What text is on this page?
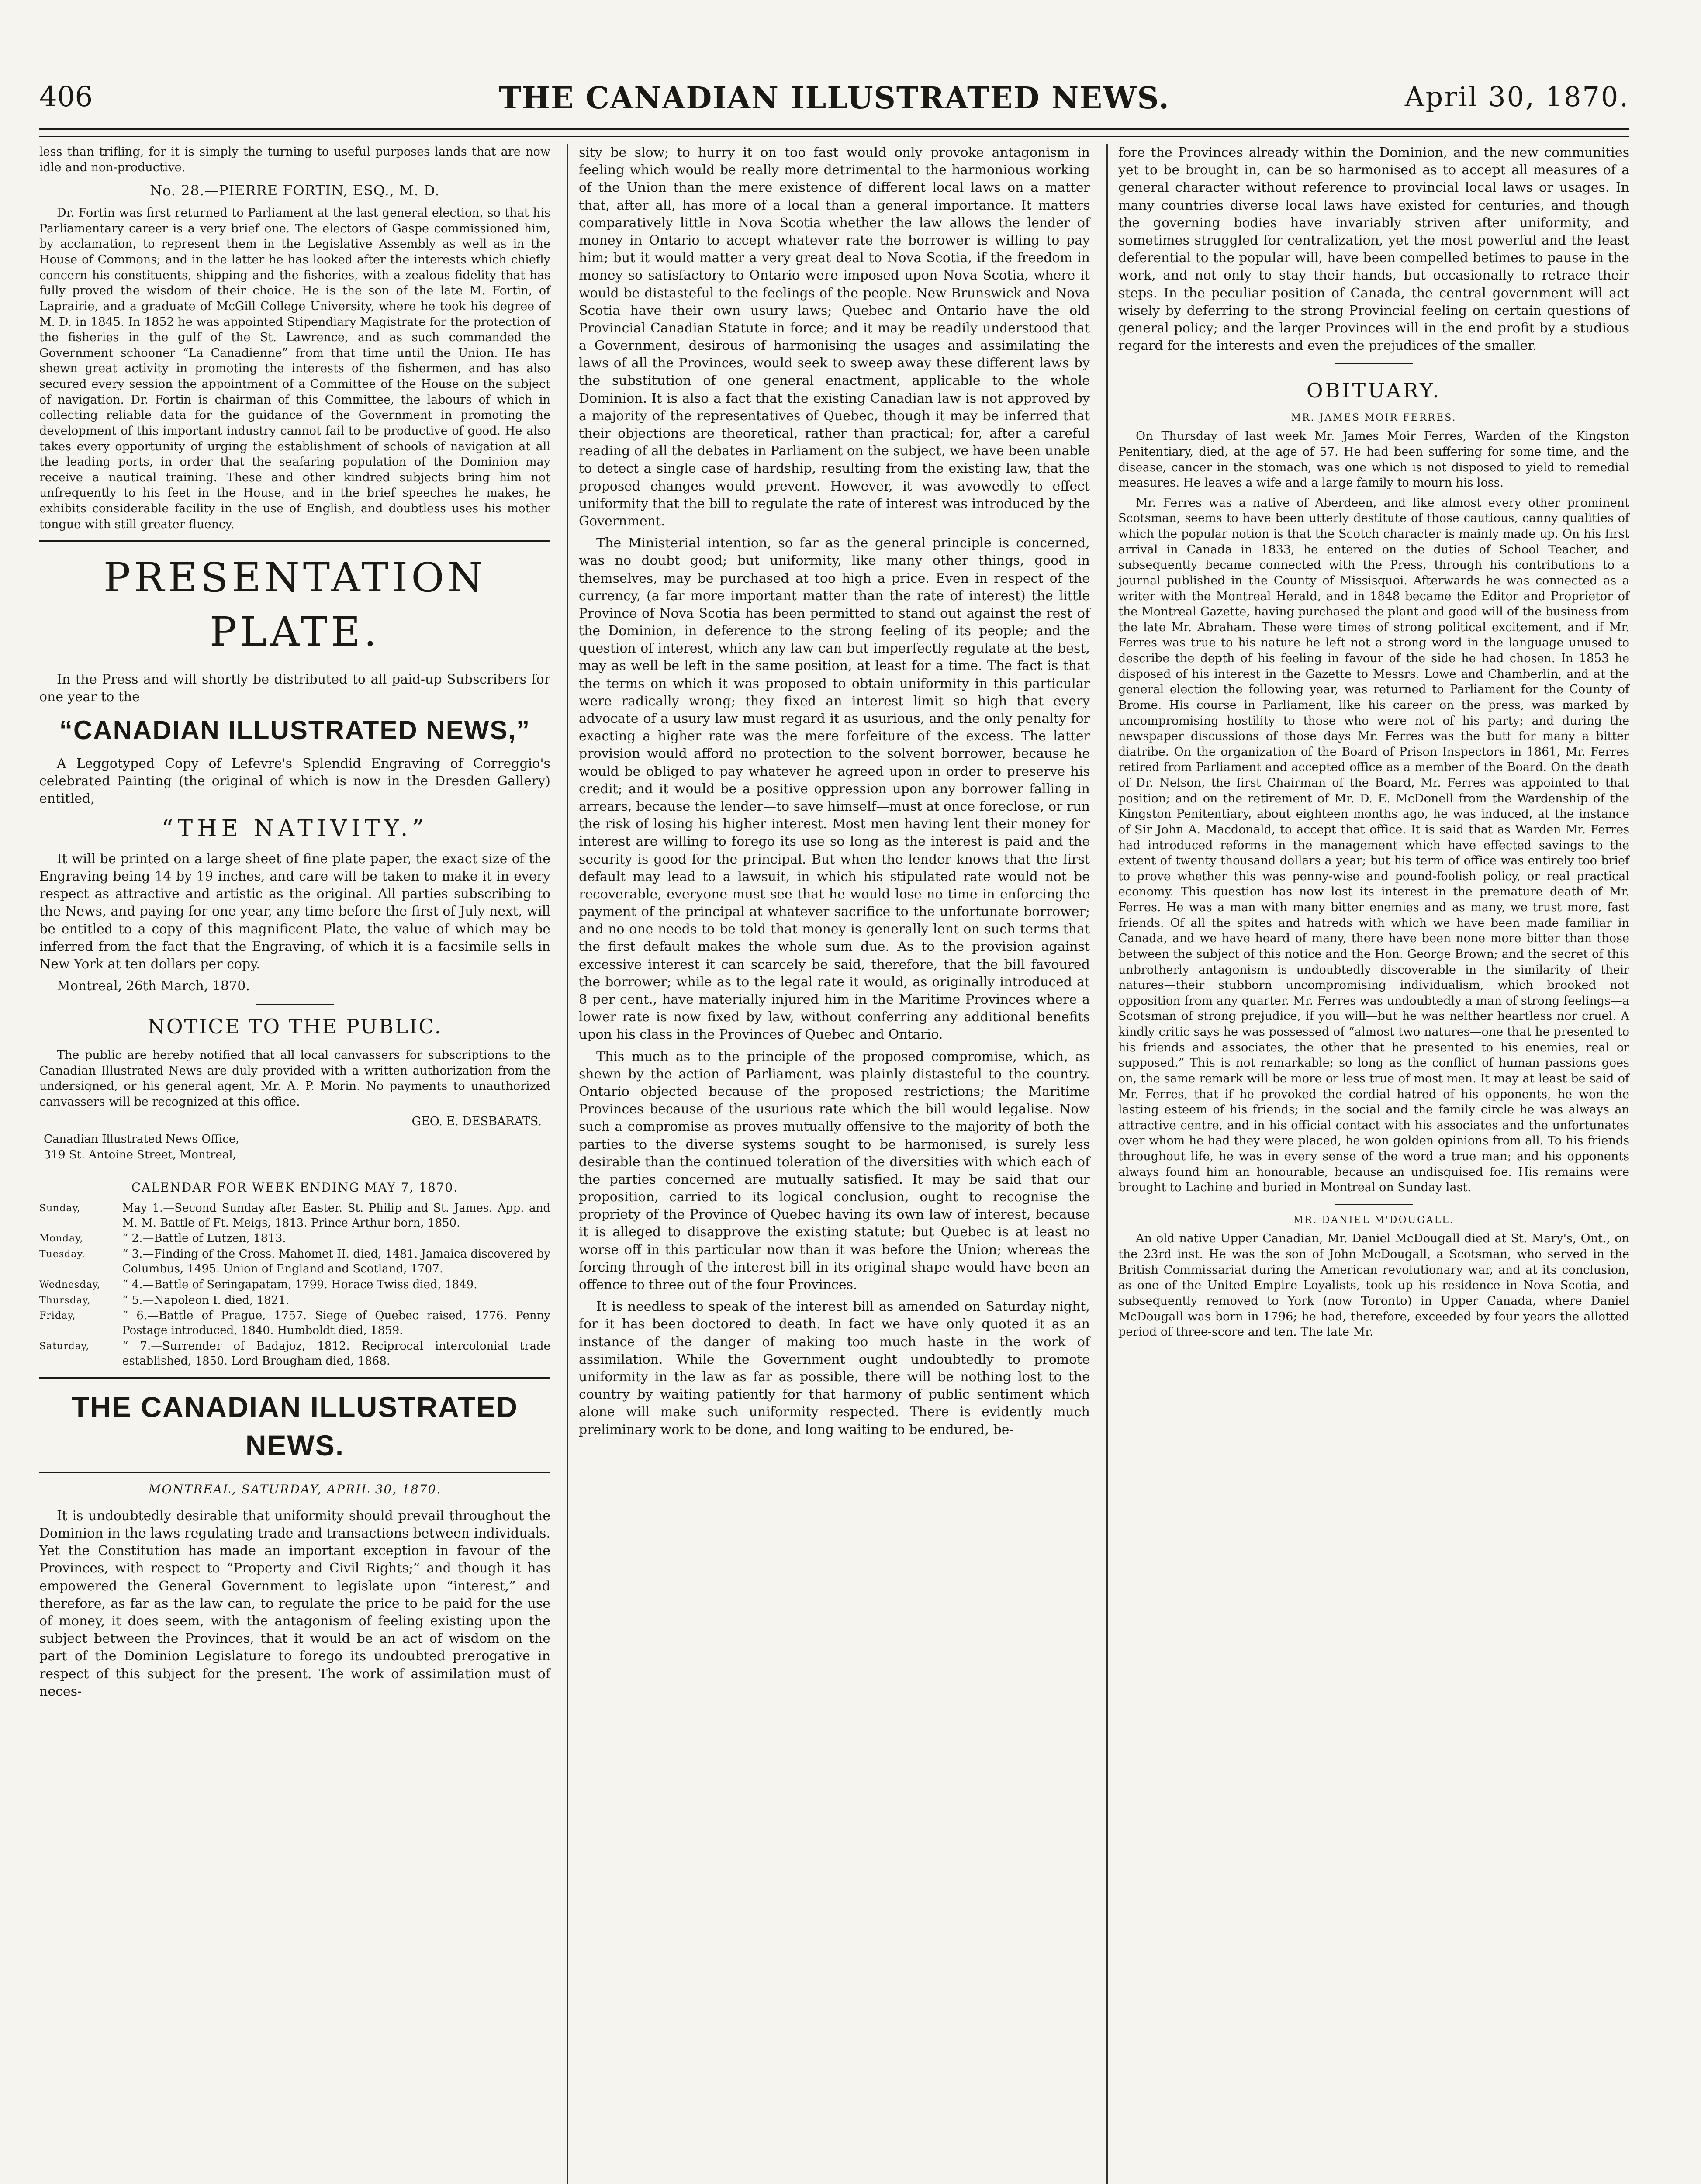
406	THE CANADIAN ILLUSTRATED NEWS.	April 30, 1870.

less than trifling, for it is simply the turning to useful purposes lands that are now idle and non-productive.

No. 28.—PIERRE FORTIN, ESQ., M. D.

Dr. Fortin was first returned to Parliament at the last general election, so that his Parliamentary career is a very brief one. The electors of Gaspe commissioned him, by acclamation, to represent them in the Legislative Assembly as well as in the House of Commons; and in the latter he has looked after the interests which chiefly concern his constituents, shipping and the fisheries, with a zealous fidelity that has fully proved the wisdom of their choice. He is the son of the late M. Fortin, of Laprairie, and a graduate of McGill College University, where he took his degree of M. D. in 1845. In 1852 he was appointed Stipendiary Magistrate for the protection of the fisheries in the gulf of the St. Lawrence, and as such commanded the Government schooner “La Canadienne” from that time until the Union. He has shewn great activity in promoting the interests of the fishermen, and has also secured every session the appointment of a Committee of the House on the subject of navigation. Dr. Fortin is chairman of this Committee, the labours of which in collecting reliable data for the guidance of the Government in promoting the development of this important industry cannot fail to be productive of good. He also takes every opportunity of urging the establishment of schools of navigation at all the leading ports, in order that the seafaring population of the Dominion may receive a nautical training. These and other kindred subjects bring him not unfrequently to his feet in the House, and in the brief speeches he makes, he exhibits considerable facility in the use of English, and doubtless uses his mother tongue with still greater fluency.

PRESENTATION PLATE.

In the Press and will shortly be distributed to all paid-up Subscribers for one year to the

“CANADIAN ILLUSTRATED NEWS,”

A Leggotyped Copy of Lefevre's Splendid Engraving of Correggio's celebrated Painting (the original of which is now in the Dresden Gallery) entitled,

“THE NATIVITY.”

It will be printed on a large sheet of fine plate paper, the exact size of the Engraving being 14 by 19 inches, and care will be taken to make it in every respect as attractive and artistic as the original. All parties subscribing to the News, and paying for one year, any time before the first of July next, will be entitled to a copy of this magnificent Plate, the value of which may be inferred from the fact that the Engraving, of which it is a facsimile sells in New York at ten dollars per copy.

Montreal, 26th March, 1870.

NOTICE TO THE PUBLIC.

The public are hereby notified that all local canvassers for subscriptions to the Canadian Illustrated News are duly provided with a written authorization from the undersigned, or his general agent, Mr. A. P. Morin. No payments to unauthorized canvassers will be recognized at this office.

GEO. E. DESBARATS.
Canadian Illustrated News Office,
319 St. Antoine Street, Montreal,
CALENDAR FOR WEEK ENDING MAY 7, 1870.
Sunday,	May 1.—Second Sunday after Easter. St. Philip and St. James. App. and M. M. Battle of Ft. Meigs, 1813. Prince Arthur born, 1850.
Monday,	“ 2.—Battle of Lutzen, 1813.
Tuesday,	“ 3.—Finding of the Cross. Mahomet II. died, 1481. Jamaica discovered by Columbus, 1495. Union of England and Scotland, 1707.
Wednesday,	“ 4.—Battle of Seringapatam, 1799. Horace Twiss died, 1849.
Thursday,	“ 5.—Napoleon I. died, 1821.
Friday,	“ 6.—Battle of Prague, 1757. Siege of Quebec raised, 1776. Penny Postage introduced, 1840. Humboldt died, 1859.
Saturday,	“ 7.—Surrender of Badajoz, 1812. Reciprocal intercolonial trade established, 1850. Lord Brougham died, 1868.
THE CANADIAN ILLUSTRATED NEWS.
MONTREAL, SATURDAY, APRIL 30, 1870.

It is undoubtedly desirable that uniformity should prevail throughout the Dominion in the laws regulating trade and transactions between individuals. Yet the Constitution has made an important exception in favour of the Provinces, with respect to “Property and Civil Rights;” and though it has empowered the General Government to legislate upon “interest,” and therefore, as far as the law can, to regulate the price to be paid for the use of money, it does seem, with the antagonism of feeling existing upon the subject between the Provinces, that it would be an act of wisdom on the part of the Dominion Legislature to forego its undoubted prerogative in respect of this subject for the present. The work of assimilation must of neces-

sity be slow; to hurry it on too fast would only provoke antagonism in feeling which would be really more detrimental to the harmonious working of the Union than the mere existence of different local laws on a matter that, after all, has more of a local than a general importance. It matters comparatively little in Nova Scotia whether the law allows the lender of money in Ontario to accept whatever rate the borrower is willing to pay him; but it would matter a very great deal to Nova Scotia, if the freedom in money so satisfactory to Ontario were imposed upon Nova Scotia, where it would be distasteful to the feelings of the people. New Brunswick and Nova Scotia have their own usury laws; Quebec and Ontario have the old Provincial Canadian Statute in force; and it may be readily understood that a Government, desirous of harmonising the usages and assimilating the laws of all the Provinces, would seek to sweep away these different laws by the substitution of one general enactment, applicable to the whole Dominion. It is also a fact that the existing Canadian law is not approved by a majority of the representatives of Quebec, though it may be inferred that their objections are theoretical, rather than practical; for, after a careful reading of all the debates in Parliament on the subject, we have been unable to detect a single case of hardship, resulting from the existing law, that the proposed changes would prevent. However, it was avowedly to effect uniformity that the bill to regulate the rate of interest was introduced by the Government.

The Ministerial intention, so far as the general principle is concerned, was no doubt good; but uniformity, like many other things, good in themselves, may be purchased at too high a price. Even in respect of the currency, (a far more important matter than the rate of interest) the little Province of Nova Scotia has been permitted to stand out against the rest of the Dominion, in deference to the strong feeling of its people; and the question of interest, which any law can but imperfectly regulate at the best, may as well be left in the same position, at least for a time. The fact is that the terms on which it was proposed to obtain uniformity in this particular were radically wrong; they fixed an interest limit so high that every advocate of a usury law must regard it as usurious, and the only penalty for exacting a higher rate was the mere forfeiture of the excess. The latter provision would afford no protection to the solvent borrower, because he would be obliged to pay whatever he agreed upon in order to preserve his credit; and it would be a positive oppression upon any borrower falling in arrears, because the lender—to save himself—must at once foreclose, or run the risk of losing his higher interest. Most men having lent their money for interest are willing to forego its use so long as the interest is paid and the security is good for the principal. But when the lender knows that the first default may lead to a lawsuit, in which his stipulated rate would not be recoverable, everyone must see that he would lose no time in enforcing the payment of the principal at whatever sacrifice to the unfortunate borrower; and no one needs to be told that money is generally lent on such terms that the first default makes the whole sum due. As to the provision against excessive interest it can scarcely be said, therefore, that the bill favoured the borrower; while as to the legal rate it would, as originally introduced at 8 per cent., have materially injured him in the Maritime Provinces where a lower rate is now fixed by law, without conferring any additional benefits upon his class in the Provinces of Quebec and Ontario.

This much as to the principle of the proposed compromise, which, as shewn by the action of Parliament, was plainly distasteful to the country. Ontario objected because of the proposed restrictions; the Maritime Provinces because of the usurious rate which the bill would legalise. Now such a compromise as proves mutually offensive to the majority of both the parties to the diverse systems sought to be harmonised, is surely less desirable than the continued toleration of the diversities with which each of the parties concerned are mutually satisfied. It may be said that our proposition, carried to its logical conclusion, ought to recognise the propriety of the Province of Quebec having its own law of interest, because it is alleged to disapprove the existing statute; but Quebec is at least no worse off in this particular now than it was before the Union; whereas the forcing through of the interest bill in its original shape would have been an offence to three out of the four Provinces.

It is needless to speak of the interest bill as amended on Saturday night, for it has been doctored to death. In fact we have only quoted it as an instance of the danger of making too much haste in the work of assimilation. While the Government ought undoubtedly to promote uniformity in the law as far as possible, there will be nothing lost to the country by waiting patiently for that harmony of public sentiment which alone will make such uniformity respected. There is evidently much preliminary work to be done, and long waiting to be endured, be-

fore the Provinces already within the Dominion, and the new communities yet to be brought in, can be so harmonised as to accept all measures of a general character without reference to provincial local laws or usages. In many countries diverse local laws have existed for centuries, and though the governing bodies have invariably striven after uniformity, and sometimes struggled for centralization, yet the most powerful and the least deferential to the popular will, have been compelled betimes to pause in the work, and not only to stay their hands, but occasionally to retrace their steps. In the peculiar position of Canada, the central government will act wisely by deferring to the strong Provincial feeling on certain questions of general policy; and the larger Provinces will in the end profit by a studious regard for the interests and even the prejudices of the smaller.

OBITUARY.
MR. JAMES MOIR FERRES.

On Thursday of last week Mr. James Moir Ferres, Warden of the Kingston Penitentiary, died, at the age of 57. He had been suffering for some time, and the disease, cancer in the stomach, was one which is not disposed to yield to remedial measures. He leaves a wife and a large family to mourn his loss.

Mr. Ferres was a native of Aberdeen, and like almost every other prominent Scotsman, seems to have been utterly destitute of those cautious, canny qualities of which the popular notion is that the Scotch character is mainly made up. On his first arrival in Canada in 1833, he entered on the duties of School Teacher, and subsequently became connected with the Press, through his contributions to a journal published in the County of Missisquoi. Afterwards he was connected as a writer with the Montreal Herald, and in 1848 became the Editor and Proprietor of the Montreal Gazette, having purchased the plant and good will of the business from the late Mr. Abraham. These were times of strong political excitement, and if Mr. Ferres was true to his nature he left not a strong word in the language unused to describe the depth of his feeling in favour of the side he had chosen. In 1853 he disposed of his interest in the Gazette to Messrs. Lowe and Chamberlin, and at the general election the following year, was returned to Parliament for the County of Brome. His course in Parliament, like his career on the press, was marked by uncompromising hostility to those who were not of his party; and during the newspaper discussions of those days Mr. Ferres was the butt for many a bitter diatribe. On the organization of the Board of Prison Inspectors in 1861, Mr. Ferres retired from Parliament and accepted office as a member of the Board. On the death of Dr. Nelson, the first Chairman of the Board, Mr. Ferres was appointed to that position; and on the retirement of Mr. D. E. McDonell from the Wardenship of the Kingston Penitentiary, about eighteen months ago, he was induced, at the instance of Sir John A. Macdonald, to accept that office. It is said that as Warden Mr. Ferres had introduced reforms in the management which have effected savings to the extent of twenty thousand dollars a year; but his term of office was entirely too brief to prove whether this was penny-wise and pound-foolish policy, or real practical economy. This question has now lost its interest in the premature death of Mr. Ferres. He was a man with many bitter enemies and as many, we trust more, fast friends. Of all the spites and hatreds with which we have been made familiar in Canada, and we have heard of many, there have been none more bitter than those between the subject of this notice and the Hon. George Brown; and the secret of this unbrotherly antagonism is undoubtedly discoverable in the similarity of their natures—their stubborn uncompromising individualism, which brooked not opposition from any quarter. Mr. Ferres was undoubtedly a man of strong feelings—a Scotsman of strong prejudice, if you will—but he was neither heartless nor cruel. A kindly critic says he was possessed of “almost two natures—one that he presented to his friends and associates, the other that he presented to his enemies, real or supposed.” This is not remarkable; so long as the conflict of human passions goes on, the same remark will be more or less true of most men. It may at least be said of Mr. Ferres, that if he provoked the cordial hatred of his opponents, he won the lasting esteem of his friends; in the social and the family circle he was always an attractive centre, and in his official contact with his associates and the unfortunates over whom he had they were placed, he won golden opinions from all. To his friends throughout life, he was in every sense of the word a true man; and his opponents always found him an honourable, because an undisguised foe. His remains were brought to Lachine and buried in Montreal on Sunday last.

MR. DANIEL M'DOUGALL.

An old native Upper Canadian, Mr. Daniel McDougall died at St. Mary's, Ont., on the 23rd inst. He was the son of John McDougall, a Scotsman, who served in the British Commissariat during the American revolutionary war, and at its conclusion, as one of the United Empire Loyalists, took up his residence in Nova Scotia, and subsequently removed to York (now Toronto) in Upper Canada, where Daniel McDougall was born in 1796; he had, therefore, exceeded by four years the allotted period of three-score and ten. The late Mr.
